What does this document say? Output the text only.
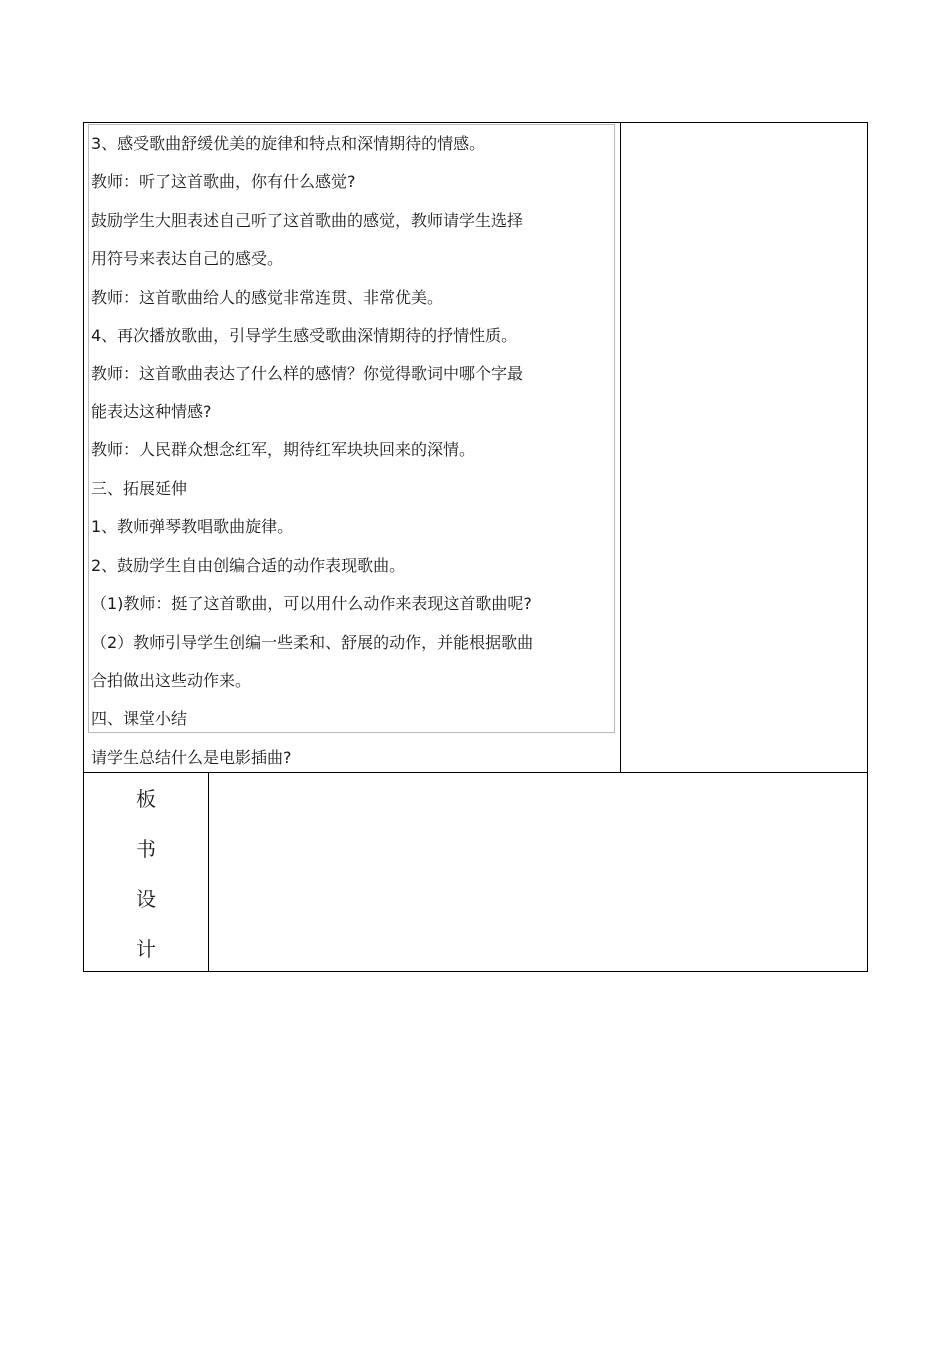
3、感受歌曲舒缓优美的旋律和特点和深情期待的情感。
教师：听了这首歌曲，你有什么感觉?
鼓励学生大胆表述自己听了这首歌曲的感觉，教师请学生选择
用符号来表达自己的感受。
教师：这首歌曲给人的感觉非常连贯、非常优美。
4、再次播放歌曲，引导学生感受歌曲深情期待的抒情性质。
教师：这首歌曲表达了什么样的感情？你觉得歌词中哪个字最
能表达这种情感?
教师：人民群众想念红军，期待红军块块回来的深情。
三、拓展延伸
1、教师弹琴教唱歌曲旋律。
2、鼓励学生自由创编合适的动作表现歌曲。
（1)教师：挺了这首歌曲，可以用什么动作来表现这首歌曲呢?
（2）教师引导学生创编一些柔和、舒展的动作，并能根据歌曲
合拍做出这些动作来。
四、课堂小结
请学生总结什么是电影插曲?
板
书
设
计
